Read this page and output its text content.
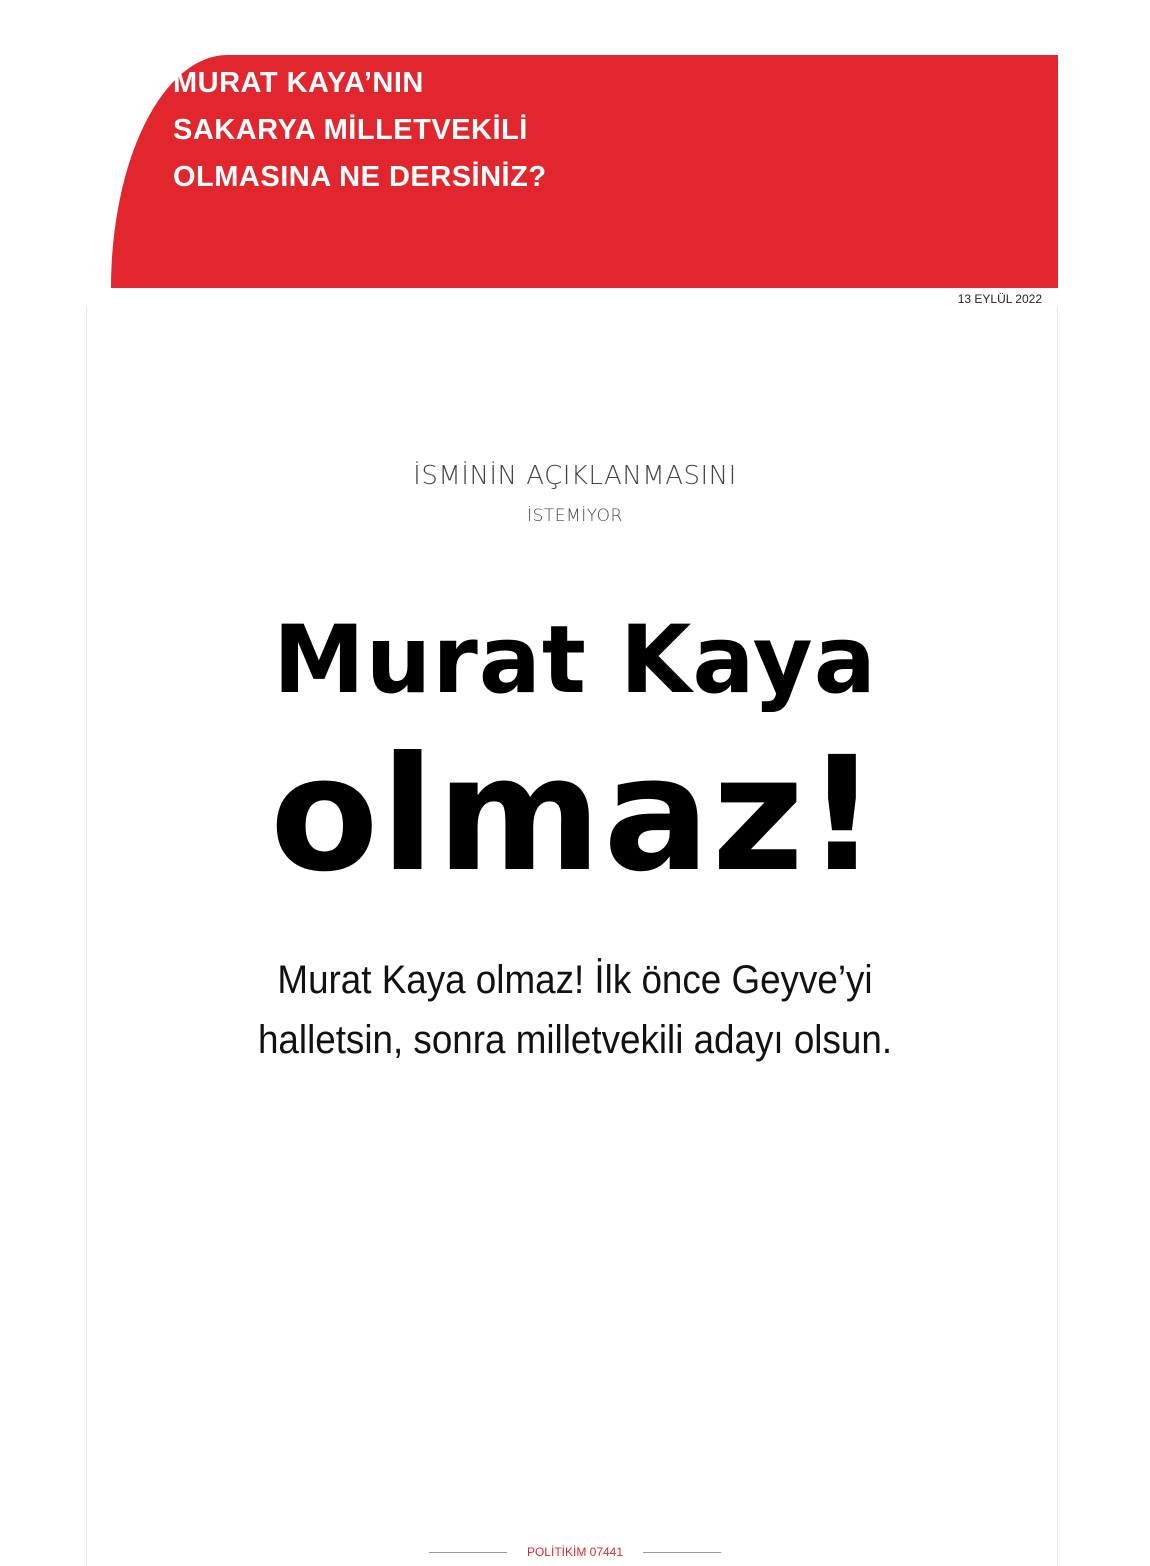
MURAT KAYA’NIN
SAKARYA MİLLETVEKİLİ
OLMASINA NE DERSİNİZ?
13 EYLÜL 2022
İSMİNİN AÇIKLANMASINI
İSTEMİYOR
Murat Kaya
olmaz!
Murat Kaya olmaz! İlk önce Geyve’yi
halletsin, sonra milletvekili adayı olsun.
POLİTİKİM 07441
